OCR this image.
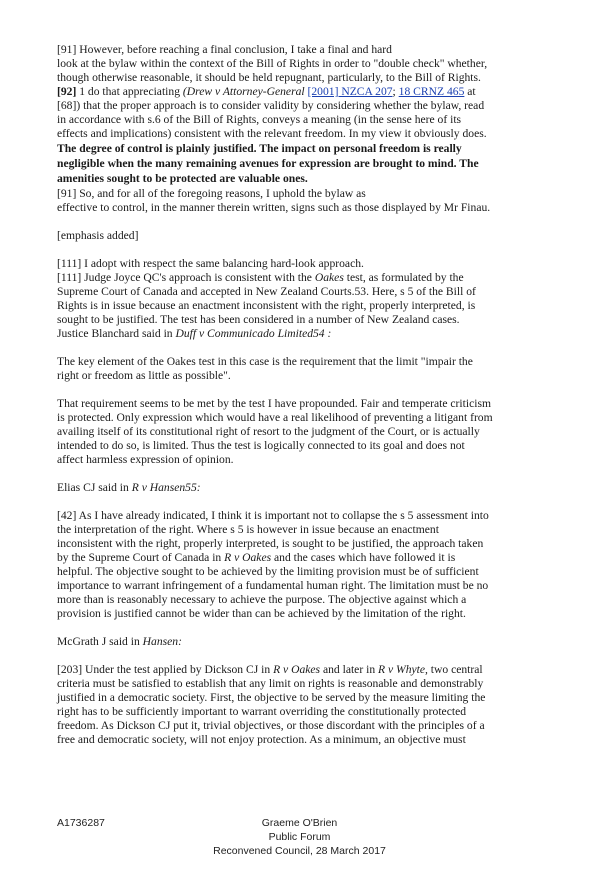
[91] However, before reaching a final conclusion, I take a final and hard
look at the bylaw within the context of the Bill of Rights in order to "double check" whether,
though otherwise reasonable, it should be held repugnant, particularly, to the Bill of Rights.
[92] 1 do that appreciating (Drew v Attorney-General [2001] NZCA 207; 18 CRNZ 465 at
[68]) that the proper approach is to consider validity by considering whether the bylaw, read
in accordance with s.6 of the Bill of Rights, conveys a meaning (in the sense here of its
effects and implications) consistent with the relevant freedom. In my view it obviously does.
The degree of control is plainly justified. The impact on personal freedom is really
negligible when the many remaining avenues for expression are brought to mind. The
amenities sought to be protected are valuable ones.
[91] So, and for all of the foregoing reasons, I uphold the bylaw as
effective to control, in the manner therein written, signs such as those displayed by Mr Finau.
[emphasis added]
[111] I adopt with respect the same balancing hard-look approach.
[111] Judge Joyce QC's approach is consistent with the Oakes test, as formulated by the
Supreme Court of Canada and accepted in New Zealand Courts.53. Here, s 5 of the Bill of
Rights is in issue because an enactment inconsistent with the right, properly interpreted, is
sought to be justified. The test has been considered in a number of New Zealand cases.
Justice Blanchard said in Duff v Communicado Limited54 :
The key element of the Oakes test in this case is the requirement that the limit "impair the
right or freedom as little as possible".
That requirement seems to be met by the test I have propounded. Fair and temperate criticism
is protected. Only expression which would have a real likelihood of preventing a litigant from
availing itself of its constitutional right of resort to the judgment of the Court, or is actually
intended to do so, is limited. Thus the test is logically connected to its goal and does not
affect harmless expression of opinion.
Elias CJ said in R v Hansen55:
[42] As I have already indicated, I think it is important not to collapse the s 5 assessment into
the interpretation of the right. Where s 5 is however in issue because an enactment
inconsistent with the right, properly interpreted, is sought to be justified, the approach taken
by the Supreme Court of Canada in R v Oakes and the cases which have followed it is
helpful. The objective sought to be achieved by the limiting provision must be of sufficient
importance to warrant infringement of a fundamental human right. The limitation must be no
more than is reasonably necessary to achieve the purpose. The objective against which a
provision is justified cannot be wider than can be achieved by the limitation of the right.
McGrath J said in Hansen:
[203] Under the test applied by Dickson CJ in R v Oakes and later in R v Whyte, two central
criteria must be satisfied to establish that any limit on rights is reasonable and demonstrably
justified in a democratic society. First, the objective to be served by the measure limiting the
right has to be sufficiently important to warrant overriding the constitutionally protected
freedom. As Dickson CJ put it, trivial objectives, or those discordant with the principles of a
free and democratic society, will not enjoy protection. As a minimum, an objective must
A1736287	Graeme O'Brien
Public Forum
Reconvened Council, 28 March 2017
